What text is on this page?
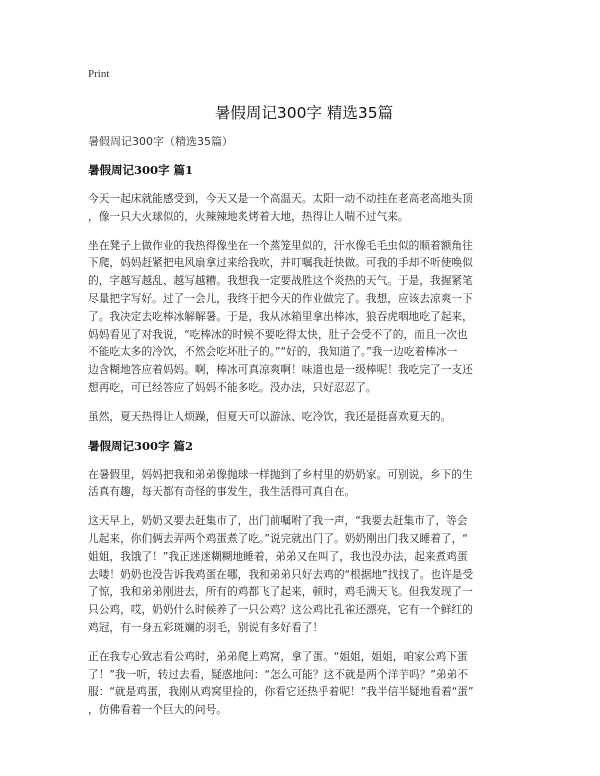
Print
暑假周记300字 精选35篇
暑假周记300字（精选35篇）
暑假周记300字 篇1

今天一起床就能感受到，今天又是一个高温天。太阳一动不动挂在老高老高地头顶
，像一只大火球似的，火辣辣地炙烤着大地，热得让人喘不过气来。

坐在凳子上做作业的我热得像坐在一个蒸笼里似的，汗水像毛毛虫似的顺着额角往
下爬，妈妈赶紧把电风扇拿过来给我吹，并叮嘱我赶快做。可我的手却不听使唤似
的，字越写越乱、越写越糟。我想我一定要战胜这个炎热的天气。于是，我握紧笔
尽量把字写好。过了一会儿，我终于把今天的作业做完了。我想，应该去凉爽一下
了。我决定去吃棒冰解解暑。于是，我从冰箱里拿出棒冰，狼吞虎咽地吃了起来，
妈妈看见了对我说，“吃棒冰的时候不要吃得太快，肚子会受不了的，而且一次也
不能吃太多的冷饮，不然会吃坏肚子的。”“好的，我知道了。”我一边吃着棒冰一
边含糊地答应着妈妈。啊，棒冰可真凉爽啊！味道也是一级棒呢！我吃完了一支还
想再吃，可已经答应了妈妈不能多吃。没办法，只好忍忍了。

虽然，夏天热得让人烦躁，但夏天可以游泳、吃冷饮，我还是挺喜欢夏天的。

暑假周记300字 篇2

在暑假里，妈妈把我和弟弟像抛球一样抛到了乡村里的奶奶家。可别说，乡下的生
活真有趣，每天都有奇怪的事发生，我生活得可真自在。

这天早上，奶奶又要去赶集市了，出门前嘱咐了我一声，“我要去赶集市了，等会
儿起来，你们俩去弄两个鸡蛋煮了吃。”说完就出门了。奶奶刚出门我又睡着了，“
姐姐，我饿了！”我正迷迷糊糊地睡着，弟弟又在叫了，我也没办法，起来煮鸡蛋
去喽！奶奶也没告诉我鸡蛋在哪，我和弟弟只好去鸡的“根据地”找找了。也许是受
了惊，我和弟弟刚进去，所有的鸡都飞了起来，顿时，鸡毛满天飞。但我发现了一
只公鸡，哎，奶奶什么时候养了一只公鸡？这公鸡比孔雀还漂亮，它有一个鲜红的
鸡冠，有一身五彩斑斓的羽毛，别说有多好看了！

正在我专心致志看公鸡时，弟弟爬上鸡窝，拿了蛋。“姐姐，姐姐，咱家公鸡下蛋
了！”我一听，转过去看，疑惑地问：“怎么可能？这不就是两个洋芋吗？”弟弟不
服：“就是鸡蛋，我刚从鸡窝里捡的，你看它还热乎着呢！”我半信半疑地看着“蛋”
，仿佛看着一个巨大的问号。
